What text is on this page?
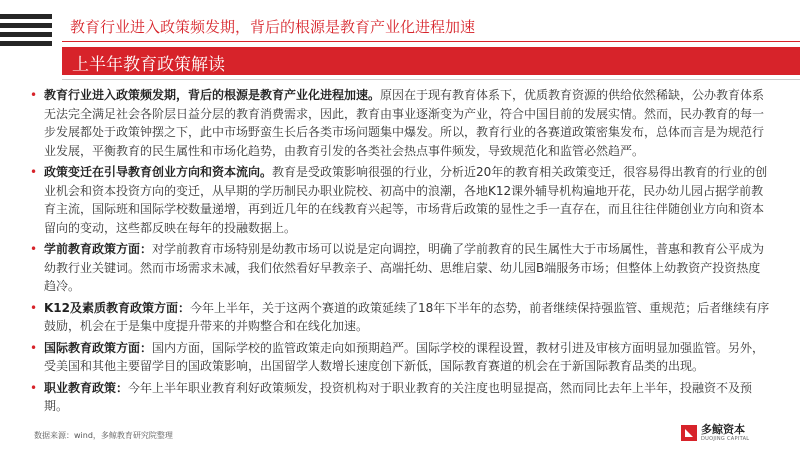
教育行业进入政策频发期，背后的根源是教育产业化进程加速
上半年教育政策解读
• 教育行业进入政策频发期，背后的根源是教育产业化进程加速。原因在于现有教育体系下，优质教育资源的供给依然稀缺，公办教育体系无法完全满足社会各阶层日益分层的教育消费需求，因此，教育由事业逐渐变为产业，符合中国目前的发展实情。然而，民办教育的每一步发展都处于政策钟摆之下，此中市场野蛮生长后各类市场问题集中爆发。所以，教育行业的各赛道政策密集发布，总体而言是为规范行业发展，平衡教育的民生属性和市场化趋势，由教育引发的各类社会热点事件频发，导致规范化和监管必然趋严。
• 政策变迁在引导教育创业方向和资本流向。教育是受政策影响很强的行业，分析近20年的教育相关政策变迁，很容易得出教育的行业的创业机会和资本投资方向的变迁，从早期的学历制民办职业院校、初高中的浪潮，各地K12课外辅导机构遍地开花，民办幼儿园占据学前教育主流，国际班和国际学校数量递增，再到近几年的在线教育兴起等，市场背后政策的显性之手一直存在，而且往往伴随创业方向和资本留向的变动，这些都反映在每年的投融数据上。
• 学前教育政策方面：对学前教育市场特别是幼教市场可以说是定向调控，明确了学前教育的民生属性大于市场属性，普惠和教育公平成为幼教行业关键词。然而市场需求未减，我们依然看好早教亲子、高端托幼、思维启蒙、幼儿园B端服务市场；但整体上幼教资产投资热度趋冷。
• K12及素质教育政策方面：今年上半年，关于这两个赛道的政策延续了18年下半年的态势，前者继续保持强监管、重规范；后者继续有序鼓励，机会在于是集中度提升带来的并购整合和在线化加速。
• 国际教育政策方面：国内方面，国际学校的监管政策走向如预期趋严。国际学校的课程设置，教材引进及审核方面明显加强监管。另外，受美国和其他主要留学目的国政策影响，出国留学人数增长速度创下新低，国际教育赛道的机会在于新国际教育品类的出现。
• 职业教育政策：今年上半年职业教育利好政策频发，投资机构对于职业教育的关注度也明显提高，然而同比去年上半年，投融资不及预期。
数据来源：wind，多鲸教育研究院整理	多鲸资本
DUOJING CAPITAL
